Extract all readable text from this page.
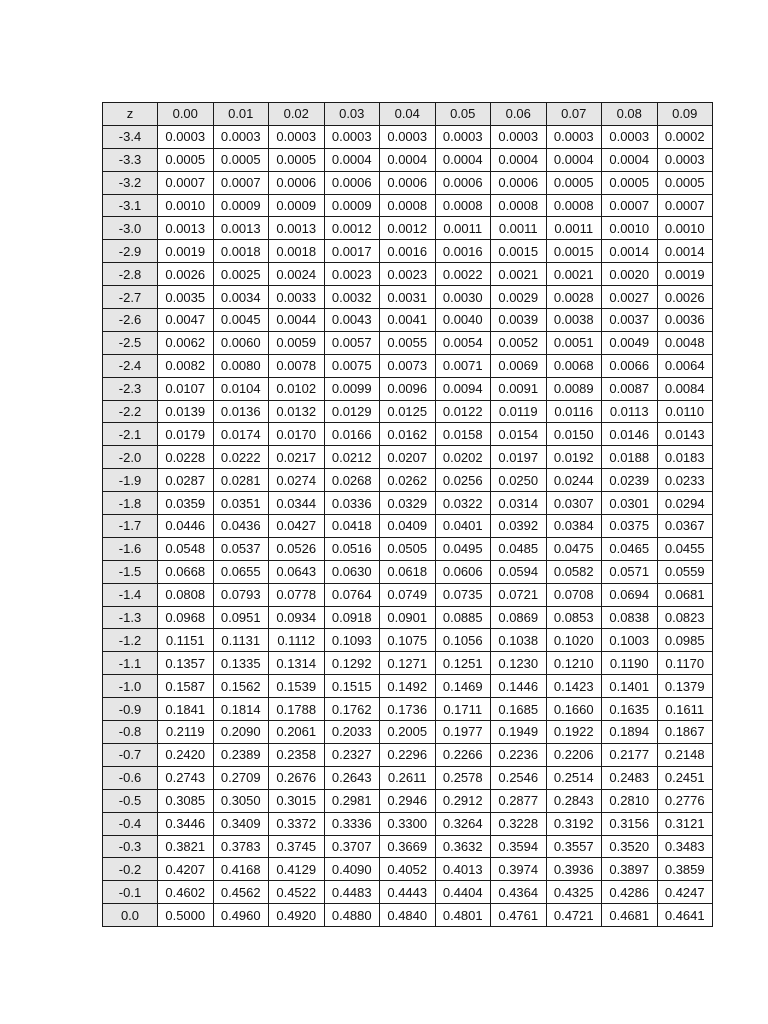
z	0.00	0.01	0.02	0.03	0.04	0.05	0.06	0.07	0.08	0.09
-3.4	0.0003	0.0003	0.0003	0.0003	0.0003	0.0003	0.0003	0.0003	0.0003	0.0002
-3.3	0.0005	0.0005	0.0005	0.0004	0.0004	0.0004	0.0004	0.0004	0.0004	0.0003
-3.2	0.0007	0.0007	0.0006	0.0006	0.0006	0.0006	0.0006	0.0005	0.0005	0.0005
-3.1	0.0010	0.0009	0.0009	0.0009	0.0008	0.0008	0.0008	0.0008	0.0007	0.0007
-3.0	0.0013	0.0013	0.0013	0.0012	0.0012	0.0011	0.0011	0.0011	0.0010	0.0010
-2.9	0.0019	0.0018	0.0018	0.0017	0.0016	0.0016	0.0015	0.0015	0.0014	0.0014
-2.8	0.0026	0.0025	0.0024	0.0023	0.0023	0.0022	0.0021	0.0021	0.0020	0.0019
-2.7	0.0035	0.0034	0.0033	0.0032	0.0031	0.0030	0.0029	0.0028	0.0027	0.0026
-2.6	0.0047	0.0045	0.0044	0.0043	0.0041	0.0040	0.0039	0.0038	0.0037	0.0036
-2.5	0.0062	0.0060	0.0059	0.0057	0.0055	0.0054	0.0052	0.0051	0.0049	0.0048
-2.4	0.0082	0.0080	0.0078	0.0075	0.0073	0.0071	0.0069	0.0068	0.0066	0.0064
-2.3	0.0107	0.0104	0.0102	0.0099	0.0096	0.0094	0.0091	0.0089	0.0087	0.0084
-2.2	0.0139	0.0136	0.0132	0.0129	0.0125	0.0122	0.0119	0.0116	0.0113	0.0110
-2.1	0.0179	0.0174	0.0170	0.0166	0.0162	0.0158	0.0154	0.0150	0.0146	0.0143
-2.0	0.0228	0.0222	0.0217	0.0212	0.0207	0.0202	0.0197	0.0192	0.0188	0.0183
-1.9	0.0287	0.0281	0.0274	0.0268	0.0262	0.0256	0.0250	0.0244	0.0239	0.0233
-1.8	0.0359	0.0351	0.0344	0.0336	0.0329	0.0322	0.0314	0.0307	0.0301	0.0294
-1.7	0.0446	0.0436	0.0427	0.0418	0.0409	0.0401	0.0392	0.0384	0.0375	0.0367
-1.6	0.0548	0.0537	0.0526	0.0516	0.0505	0.0495	0.0485	0.0475	0.0465	0.0455
-1.5	0.0668	0.0655	0.0643	0.0630	0.0618	0.0606	0.0594	0.0582	0.0571	0.0559
-1.4	0.0808	0.0793	0.0778	0.0764	0.0749	0.0735	0.0721	0.0708	0.0694	0.0681
-1.3	0.0968	0.0951	0.0934	0.0918	0.0901	0.0885	0.0869	0.0853	0.0838	0.0823
-1.2	0.1151	0.1131	0.1112	0.1093	0.1075	0.1056	0.1038	0.1020	0.1003	0.0985
-1.1	0.1357	0.1335	0.1314	0.1292	0.1271	0.1251	0.1230	0.1210	0.1190	0.1170
-1.0	0.1587	0.1562	0.1539	0.1515	0.1492	0.1469	0.1446	0.1423	0.1401	0.1379
-0.9	0.1841	0.1814	0.1788	0.1762	0.1736	0.1711	0.1685	0.1660	0.1635	0.1611
-0.8	0.2119	0.2090	0.2061	0.2033	0.2005	0.1977	0.1949	0.1922	0.1894	0.1867
-0.7	0.2420	0.2389	0.2358	0.2327	0.2296	0.2266	0.2236	0.2206	0.2177	0.2148
-0.6	0.2743	0.2709	0.2676	0.2643	0.2611	0.2578	0.2546	0.2514	0.2483	0.2451
-0.5	0.3085	0.3050	0.3015	0.2981	0.2946	0.2912	0.2877	0.2843	0.2810	0.2776
-0.4	0.3446	0.3409	0.3372	0.3336	0.3300	0.3264	0.3228	0.3192	0.3156	0.3121
-0.3	0.3821	0.3783	0.3745	0.3707	0.3669	0.3632	0.3594	0.3557	0.3520	0.3483
-0.2	0.4207	0.4168	0.4129	0.4090	0.4052	0.4013	0.3974	0.3936	0.3897	0.3859
-0.1	0.4602	0.4562	0.4522	0.4483	0.4443	0.4404	0.4364	0.4325	0.4286	0.4247
0.0	0.5000	0.4960	0.4920	0.4880	0.4840	0.4801	0.4761	0.4721	0.4681	0.4641
